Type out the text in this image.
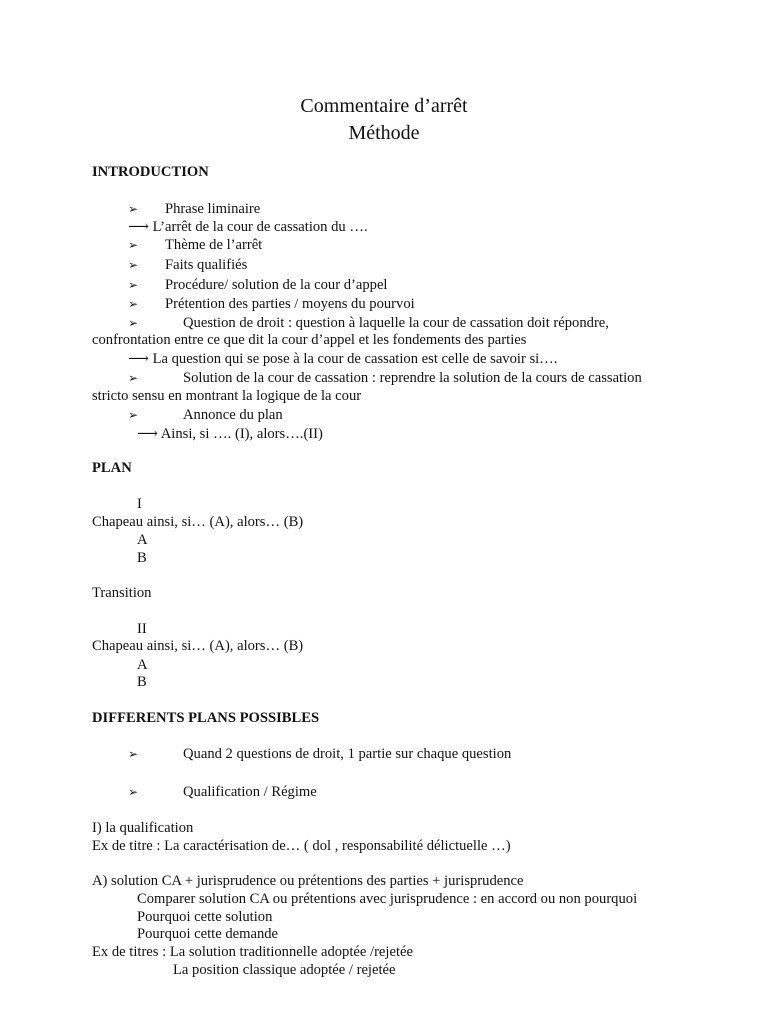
Commentaire d’arrêt
Méthode
INTRODUCTION
➢ Phrase liminaire
⟶ L’arrêt de la cour de cassation du ….
➢ Thème de l’arrêt
➢ Faits qualifiés
➢ Procédure/ solution de la cour d’appel
➢ Prétention des parties / moyens du pourvoi
➢	Question de droit : question à laquelle la cour de cassation doit répondre,
confrontation entre ce que dit la cour d’appel et les fondements des parties
⟶ La question qui se pose à la cour de cassation est celle de savoir si….
➢	Solution de la cour de cassation : reprendre la solution de la cours de cassation
stricto sensu en montrant la logique de la cour
➢	Annonce du plan
⟶ Ainsi, si …. (I), alors….(II)
PLAN
I
Chapeau ainsi, si… (A), alors… (B)
A
B
Transition
II
Chapeau ainsi, si… (A), alors… (B)
A
B
DIFFERENTS PLANS POSSIBLES
➢	Quand 2 questions de droit, 1 partie sur chaque question
➢	Qualification / Régime
I) la qualification
Ex de titre : La caractérisation de… ( dol , responsabilité délictuelle …)
A) solution CA + jurisprudence ou prétentions des parties + jurisprudence
Comparer solution CA ou prétentions avec jurisprudence : en accord ou non pourquoi
Pourquoi cette solution
Pourquoi cette demande
Ex de titres : La solution traditionnelle adoptée /rejetée
La position classique adoptée / rejetée
